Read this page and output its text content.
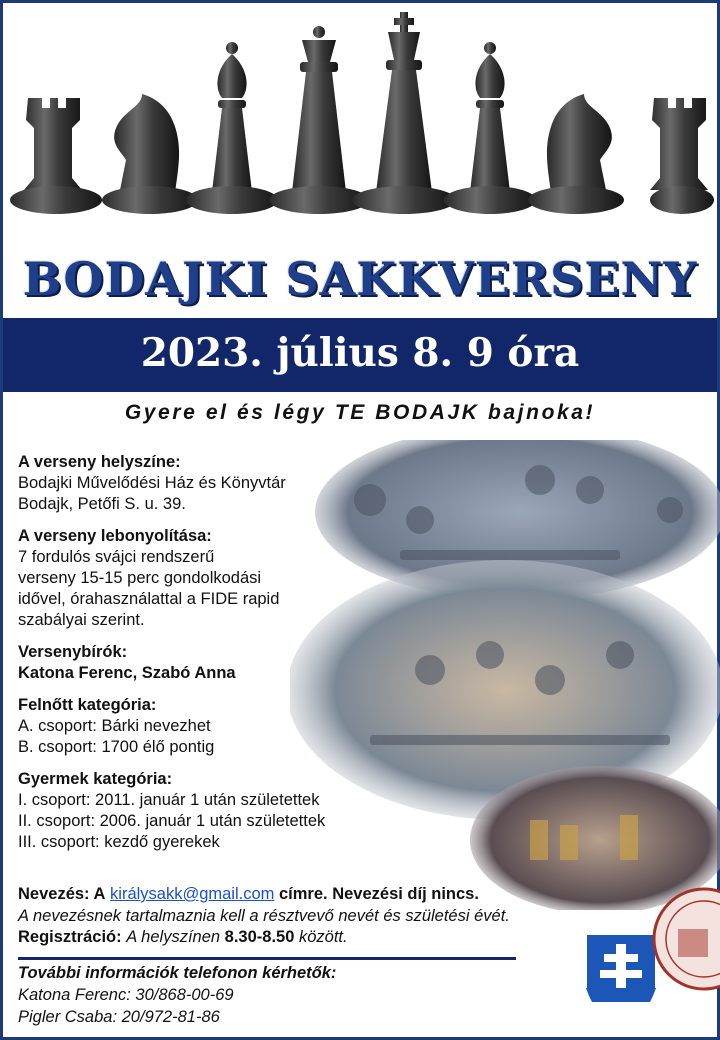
BODAJKI SAKKVERSENY
2023. július 8. 9 óra
Gyere el és légy TE BODAJK bajnoka!
A verseny helyszíne:
Bodajki Művelődési Ház és Könyvtár
Bodajk, Petőfi S. u. 39.
A verseny lebonyolítása:
7 fordulós svájci rendszerű
verseny 15-15 perc gondolkodási
idővel, órahasználattal a FIDE rapid
szabályai szerint.
Versenybírók:
Katona Ferenc, Szabó Anna
Felnőtt kategória:
A. csoport: Bárki nevezhet
B. csoport: 1700 élő pontig
Gyermek kategória:
I. csoport: 2011. január 1 után születettek
II. csoport: 2006. január 1 után születettek
III. csoport: kezdő gyerekek
Nevezés: A királysakk@gmail.com címre. Nevezési díj nincs.
A nevezésnek tartalmaznia kell a résztvevő nevét és születési évét.
Regisztráció: A helyszínen 8.30-8.50 között.
További információk telefonon kérhetők:
Katona Ferenc: 30/868-00-69
Pigler Csaba: 20/972-81-86
